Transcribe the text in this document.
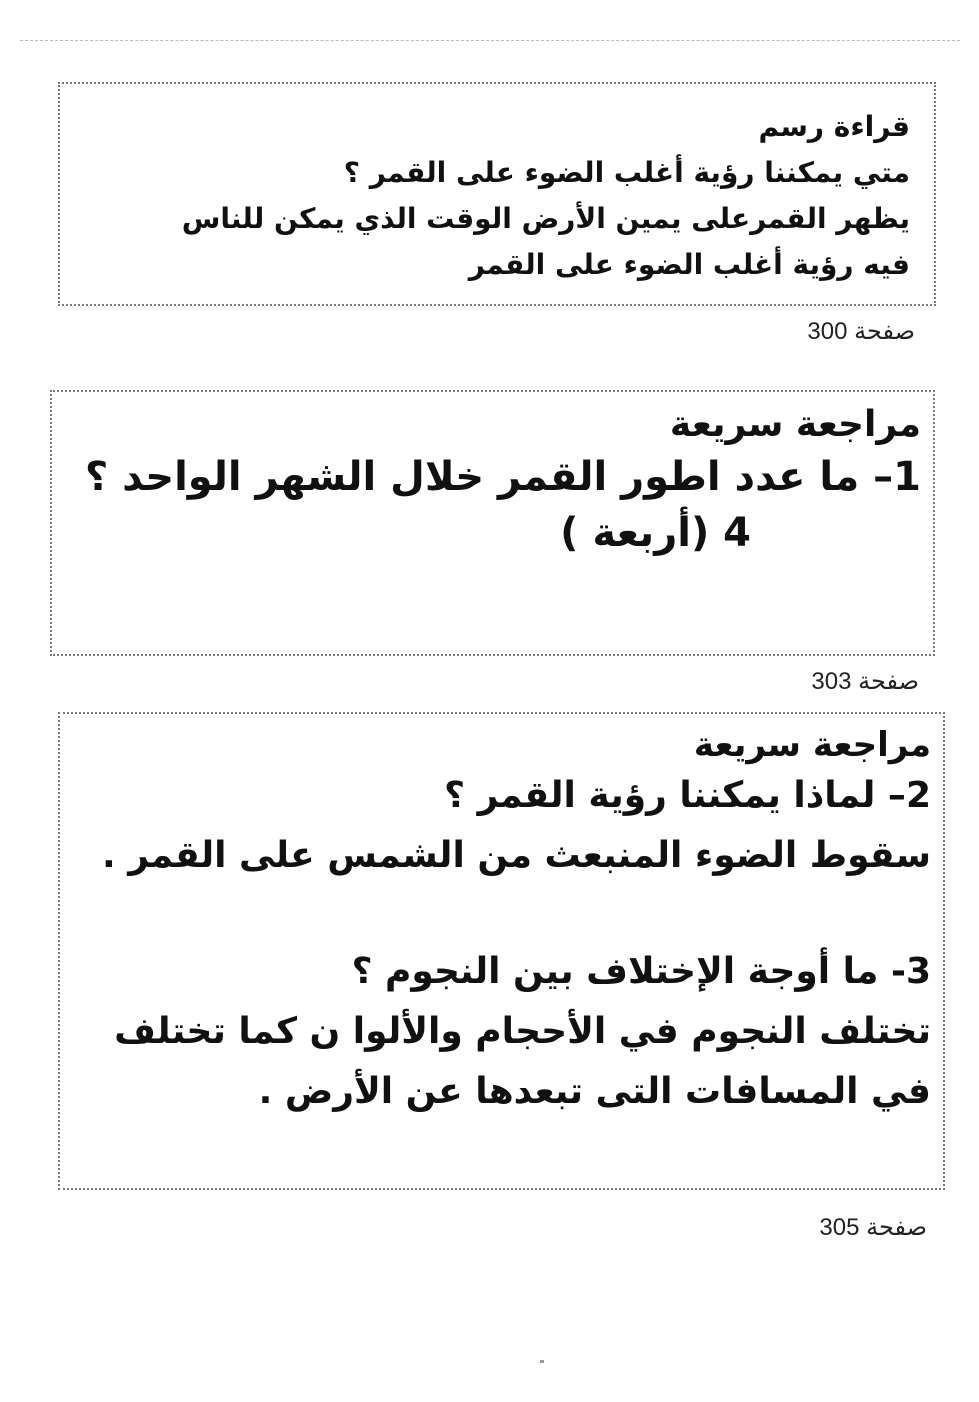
قراءة رسم
متي يمكننا رؤية أغلب الضوء على القمر ؟
يظهر القمرعلى يمين الأرض الوقت الذي يمكن للناس
فيه رؤية أغلب الضوء على القمر
صفحة 300
مراجعة سريعة
1– ما عدد اطور القمر خلال الشهر الواحد ؟
4 (أربعة )
صفحة 303
مراجعة سريعة
2– لماذا يمكننا رؤية القمر ؟
سقوط الضوء المنبعث من الشمس على القمر .
3- ما أوجة الإختلاف بين النجوم ؟
تختلف النجوم في الأحجام والألوا ن كما تختلف
في المسافات التى تبعدها عن الأرض .
صفحة 305
